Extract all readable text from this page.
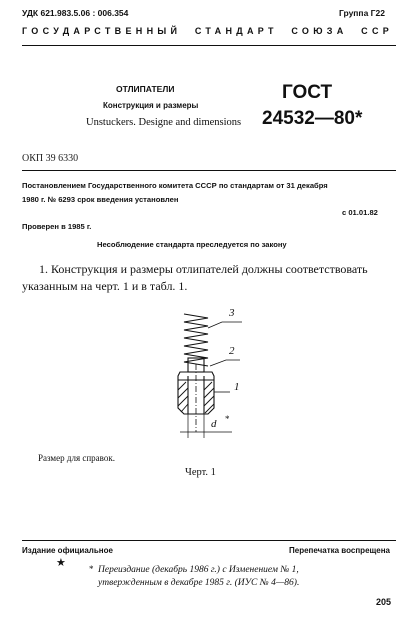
УДК 621.983.5.06 : 006.354	Группа Г22
ГОСУДАРСТВЕННЫЙ  СТАНДАРТ  СОЮЗА  ССР
ОТЛИПАТЕЛИ
Конструкция и размеры
Unstuckers. Designe and dimensions
ГОСТ
24532—80*
ОКП 39 6330
Постановлением Государственного комитета СССР по стандартам от 31 декабря
1980 г. № 6293 срок введения установлен
с 01.01.82
Проверен в 1985 г.
Несоблюдение стандарта преследуется по закону
1. Конструкция и размеры отлипателей должны соответствовать
указанным на черт. 1 и в табл. 1.
3
2
1
d *
Размер для справок.
Черт. 1
Издание официальное	Перепечатка воспрещена
★	* Переиздание (декабрь 1986 г.) с Изменением № 1,
утвержденным в декабре 1985 г. (ИУС № 4—86).
205
